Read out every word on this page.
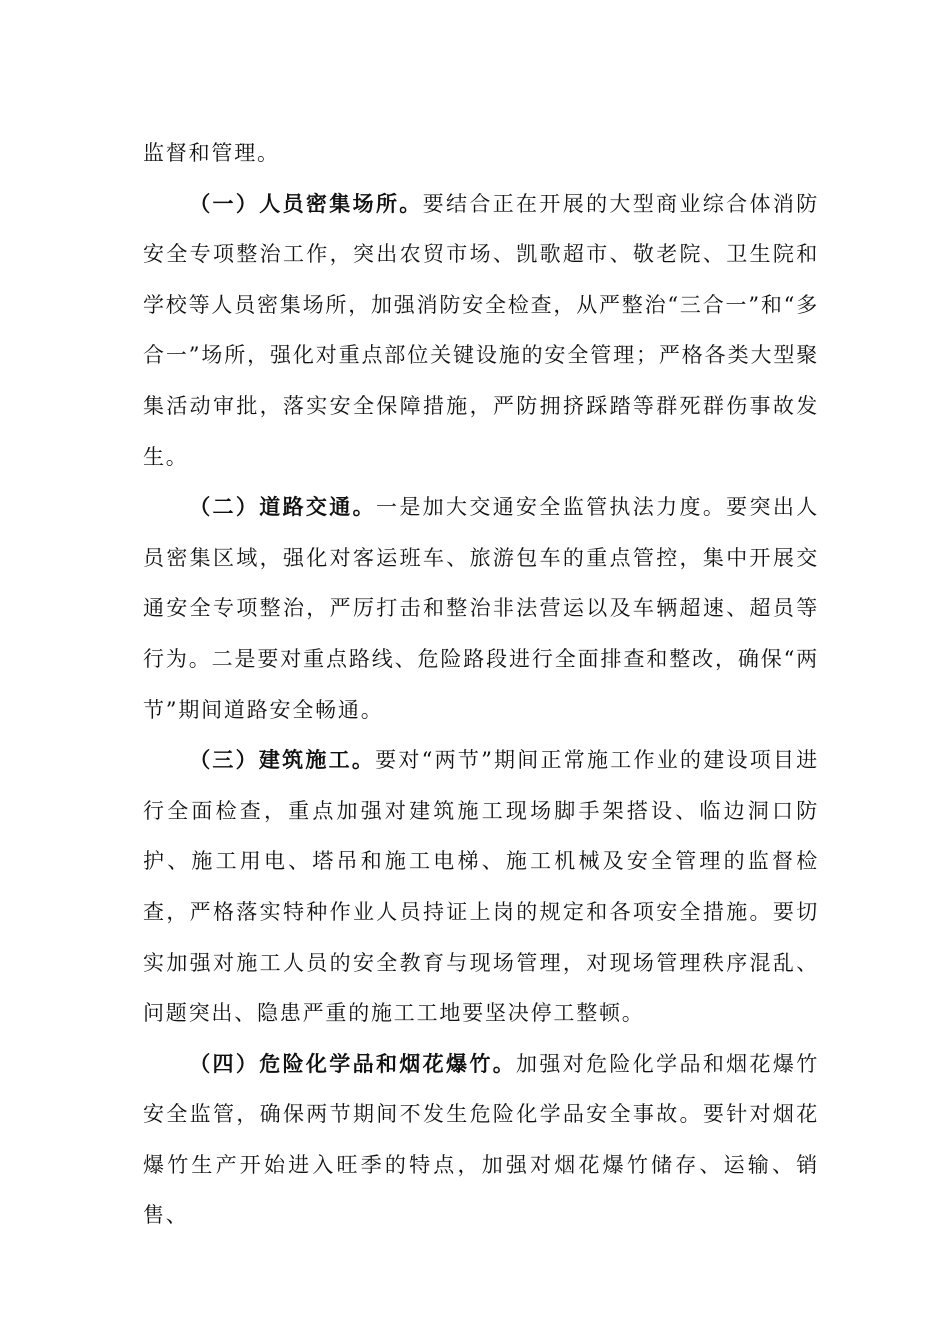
监督和管理。

（一）人员密集场所。要结合正在开展的大型商业综合体消防安全专项整治工作，突出农贸市场、凯歌超市、敬老院、卫生院和学校等人员密集场所，加强消防安全检查，从严整治“三合一”和“多合一”场所，强化对重点部位关键设施的安全管理；严格各类大型聚集活动审批，落实安全保障措施，严防拥挤踩踏等群死群伤事故发生。

（二）道路交通。一是加大交通安全监管执法力度。要突出人员密集区域，强化对客运班车、旅游包车的重点管控，集中开展交通安全专项整治，严厉打击和整治非法营运以及车辆超速、超员等行为。二是要对重点路线、危险路段进行全面排查和整改，确保“两节”期间道路安全畅通。

（三）建筑施工。要对“两节”期间正常施工作业的建设项目进行全面检查，重点加强对建筑施工现场脚手架搭设、临边洞口防护、施工用电、塔吊和施工电梯、施工机械及安全管理的监督检查，严格落实特种作业人员持证上岗的规定和各项安全措施。要切实加强对施工人员的安全教育与现场管理，对现场管理秩序混乱、问题突出、隐患严重的施工工地要坚决停工整顿。

（四）危险化学品和烟花爆竹。加强对危险化学品和烟花爆竹安全监管，确保两节期间不发生危险化学品安全事故。要针对烟花爆竹生产开始进入旺季的特点，加强对烟花爆竹储存、运输、销售、
